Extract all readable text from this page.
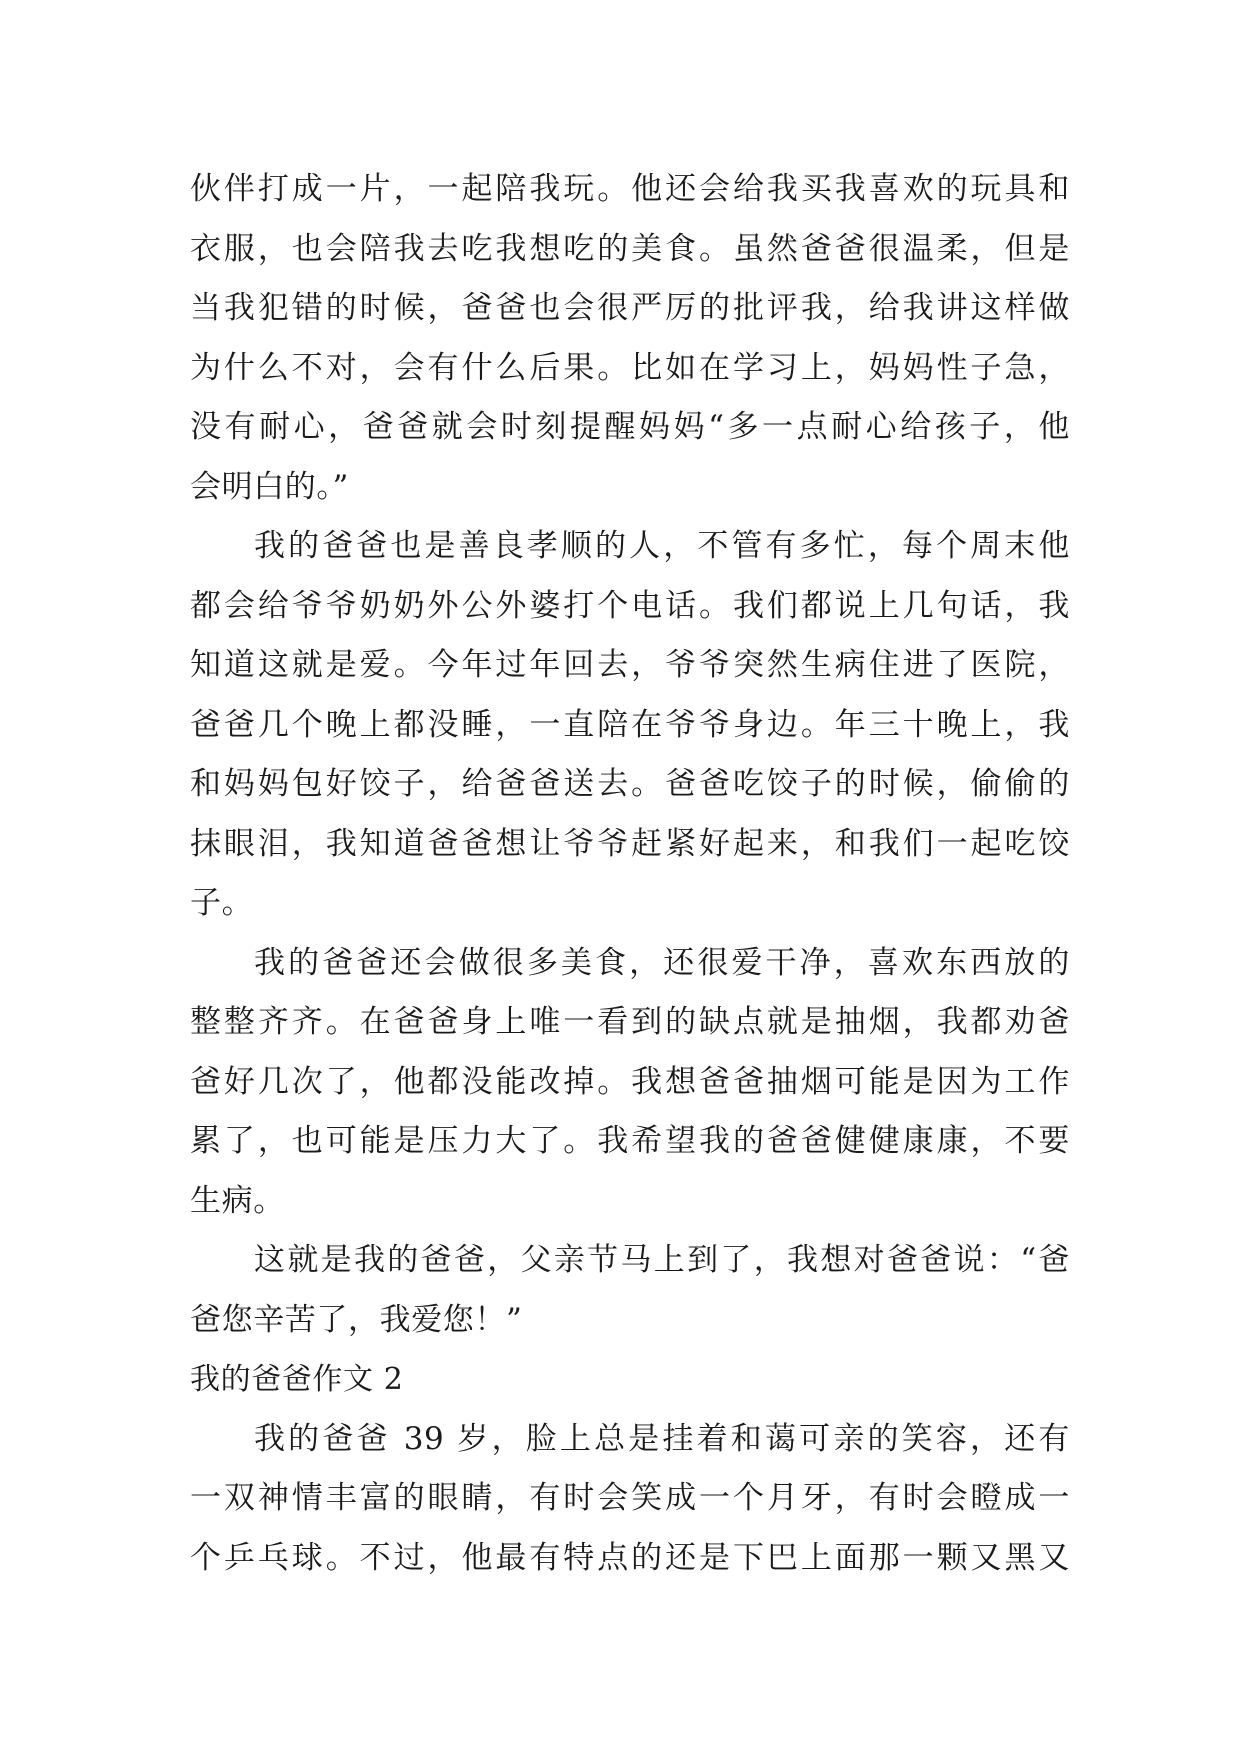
伙伴打成一片，一起陪我玩。他还会给我买我喜欢的玩具和
衣服，也会陪我去吃我想吃的美食。虽然爸爸很温柔，但是
当我犯错的时候，爸爸也会很严厉的批评我，给我讲这样做
为什么不对，会有什么后果。比如在学习上，妈妈性子急，
没有耐心，爸爸就会时刻提醒妈妈“多一点耐心给孩子，他
会明白的。”
我的爸爸也是善良孝顺的人，不管有多忙，每个周末他
都会给爷爷奶奶外公外婆打个电话。我们都说上几句话，我
知道这就是爱。今年过年回去，爷爷突然生病住进了医院，
爸爸几个晚上都没睡，一直陪在爷爷身边。年三十晚上，我
和妈妈包好饺子，给爸爸送去。爸爸吃饺子的时候，偷偷的
抹眼泪，我知道爸爸想让爷爷赶紧好起来，和我们一起吃饺
子。
我的爸爸还会做很多美食，还很爱干净，喜欢东西放的
整整齐齐。在爸爸身上唯一看到的缺点就是抽烟，我都劝爸
爸好几次了，他都没能改掉。我想爸爸抽烟可能是因为工作
累了，也可能是压力大了。我希望我的爸爸健健康康，不要
生病。
这就是我的爸爸，父亲节马上到了，我想对爸爸说：“爸
爸您辛苦了，我爱您！”
我的爸爸作文 2
我的爸爸 39 岁，脸上总是挂着和蔼可亲的笑容，还有
一双神情丰富的眼睛，有时会笑成一个月牙，有时会瞪成一
个乒乓球。不过，他最有特点的还是下巴上面那一颗又黑又
